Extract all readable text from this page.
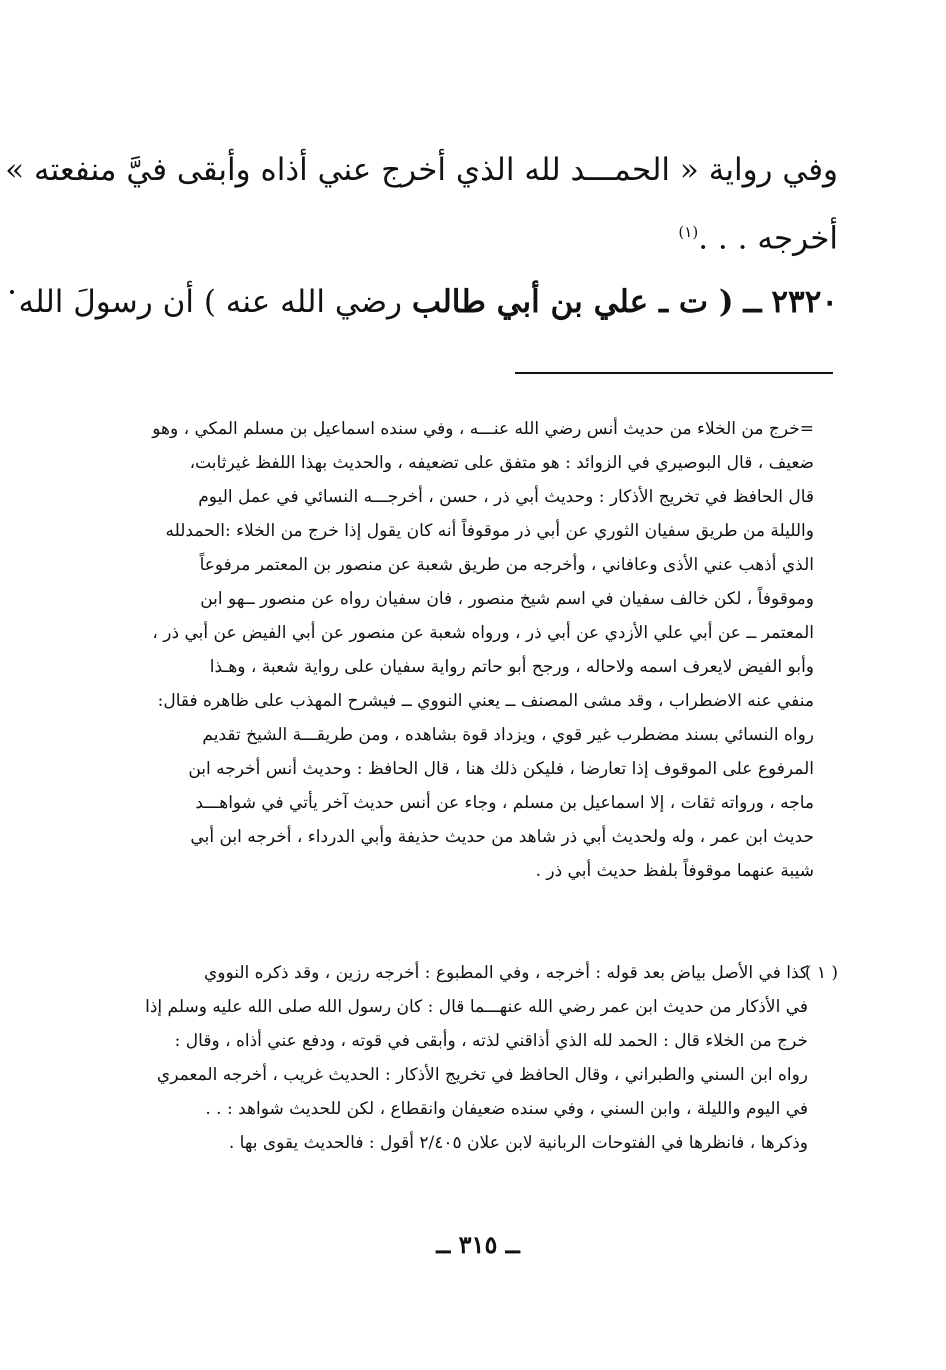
وفي رواية « الحمـــد لله الذي أخرج عني أذاه وأبقى فيَّ منفعته »
أخرجه . . .$^{(١)}$
٢٣٢٠ ــ ( ت ـ علي بن أبي طالب رضي الله عنه ) أن رسولَ الله
=خرج من الخلاء من حديث أنس رضي الله عنـــه ، وفي سنده اسماعيل بن مسلم المكي ، وهو
ضعيف ، قال البوصيري في الزوائد : هو متفق على تضعيفه ، والحديث بهذا اللفظ غيرثابت،
قال الحافظ في تخريج الأذكار : وحديث أبي ذر ، حسن ، أخرجـــه النسائي في عمل اليوم
والليلة من طريق سفيان الثوري عن أبي ذر موقوفاً أنه كان يقول إذا خرج من الخلاء :الحمدلله
الذي أذهب عني الأذى وعافاني ، وأخرجه من طريق شعبة عن منصور بن المعتمر مرفوعاً
وموقوفاً ، لكن خالف سفيان في اسم شيخ منصور ، فان سفيان رواه عن منصور ــهو ابن
المعتمر ــ عن أبي علي الأزدي عن أبي ذر ، ورواه شعبة عن منصور عن أبي الفيض عن أبي ذر ،
وأبو الفيض لايعرف اسمه ولاحاله ، ورجح أبو حاتم رواية سفيان على رواية شعبة ، وهـذا
منفي عنه الاضطراب ، وقد مشى المصنف ــ يعني النووي ــ فيشرح المهذب على ظاهره فقال:
رواه النسائي بسند مضطرب غير قوي ، ويزداد قوة بشاهده ، ومن طريقـــة الشيخ تقديم
المرفوع على الموقوف إذا تعارضا ، فليكن ذلك هنا ، قال الحافظ : وحديث أنس أخرجه ابن
ماجه ، ورواته ثقات ، إلا اسماعيل بن مسلم ، وجاء عن أنس حديث آخر يأتي في شواهـــد
حديث ابن عمر ، وله ولحديث أبي ذر شاهد من حديث حذيفة وأبي الدرداء ، أخرجه ابن أبي
شيبة عنهما موقوفاً بلفظ حديث أبي ذر .
( ١ )
كذا في الأصل بياض بعد قوله : أخرجه ، وفي المطبوع : أخرجه رزين ، وقد ذكره النووي
في الأذكار من حديث ابن عمر رضي الله عنهـــما قال : كان رسول الله صلى الله عليه وسلم إذا
خرج من الخلاء قال : الحمد لله الذي أذاقني لذته ، وأبقى في قوته ، ودفع عني أذاه ، وقال :
رواه ابن السني والطبراني ، وقال الحافظ في تخريج الأذكار : الحديث غريب ، أخرجه المعمري
في اليوم والليلة ، وابن السني ، وفي سنده ضعيفان وانقطاع ، لكن للحديث شواهد : . .
وذكرها ، فانظرها في الفتوحات الربانية لابن علان ٢/٤٠٥ أقول : فالحديث يقوى بها .
ــ ٣١٥ ــ
